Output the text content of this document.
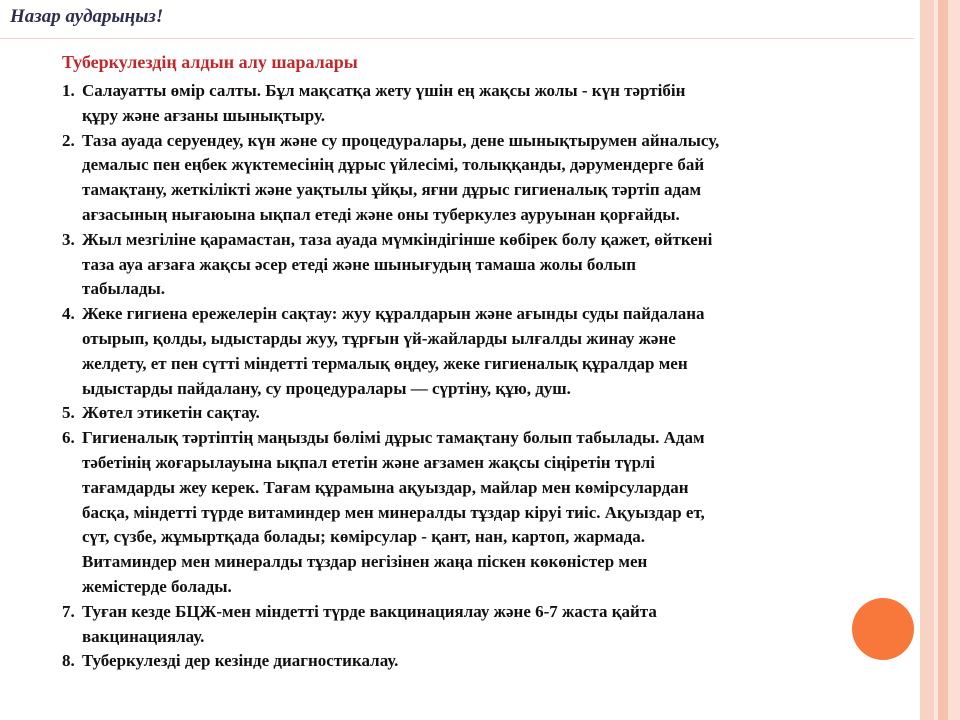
Назар аударыңыз!
Туберкулездің алдын алу шаралары
1. Салауатты өмір салты. Бұл мақсатқа жету үшін ең жақсы жолы - күн тәртібін
құру және ағзаны шынықтыру.
2. Таза ауада серуендеу, күн және су процедуралары, дене шынықтырумен айналысу,
демалыс пен еңбек жүктемесінің дұрыс үйлесімі, толыққанды, дәрумендерге бай
тамақтану, жеткілікті және уақтылы ұйқы, яғни дұрыс гигиеналық тәртіп адам
ағзасының нығаюына ықпал етеді және оны туберкулез ауруынан қорғайды.
3. Жыл мезгіліне қарамастан, таза ауада мүмкіндігінше көбірек болу қажет, өйткені
таза ауа ағзаға жақсы әсер етеді және шынығудың тамаша жолы болып
табылады.
4. Жеке гигиена ережелерін сақтау: жуу құралдарын және ағынды суды пайдалана
отырып, қолды, ыдыстарды жуу, тұрғын үй-жайларды ылғалды жинау және
желдету, ет пен сүтті міндетті термалық өңдеу, жеке гигиеналық құралдар мен
ыдыстарды пайдалану, су процедуралары — сүртіну, құю, душ.
5. Жөтел этикетін сақтау.
6. Гигиеналық тәртіптің маңызды бөлімі дұрыс тамақтану болып табылады. Адам
тәбетінің жоғарылауына ықпал ететін және ағзамен жақсы сіңіретін түрлі
тағамдарды жеу керек. Тағам құрамына ақуыздар, майлар мен көмірсулардан
басқа, міндетті түрде витаминдер мен минералды тұздар кіруі тиіс. Ақуыздар ет,
сүт, сүзбе, жұмыртқада болады; көмірсулар - қант, нан, картоп, жармада.
Витаминдер мен минералды тұздар негізінен жаңа піскен көкөністер мен
жемістерде болады.
7. Туған кезде БЦЖ-мен міндетті түрде вакцинациялау және 6-7 жаста қайта
вакцинациялау.
8. Туберкулезді дер кезінде диагностикалау.
